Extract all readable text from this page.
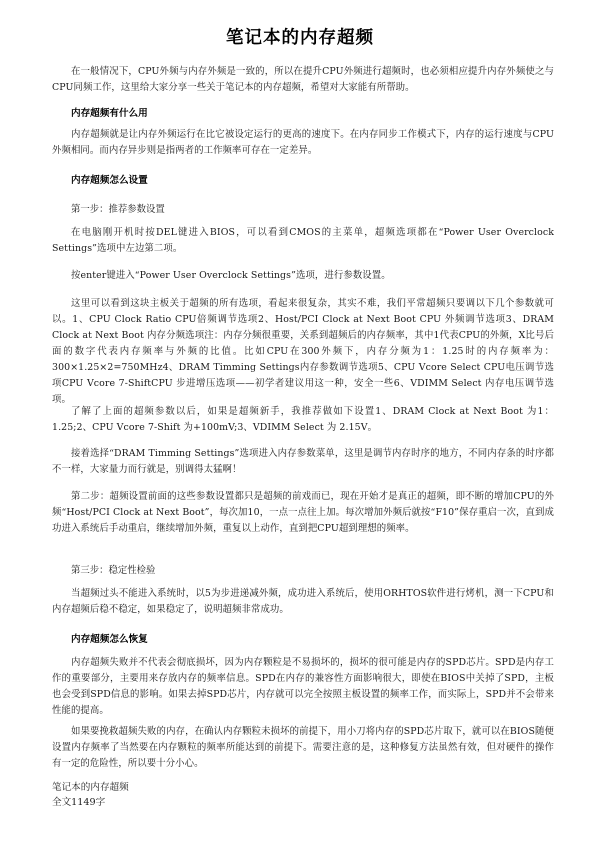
笔记本的内存超频

在一般情况下，CPU外频与内存外频是一致的，所以在提升CPU外频进行超频时，也必须相应提升内存外频使之与CPU同频工作，这里给大家分享一些关于笔记本的内存超频，希望对大家能有所帮助。

内存超频有什么用

内存超频就是让内存外频运行在比它被设定运行的更高的速度下。在内存同步工作模式下，内存的运行速度与CPU外频相同。而内存异步则是指两者的工作频率可存在一定差异。

内存超频怎么设置
第一步：推荐参数设置

在电脑刚开机时按DEL键进入BIOS，可以看到CMOS的主菜单，超频选项都在“Power User Overclock Settings”选项中左边第二项。

按enter键进入“Power User Overclock Settings”选项，进行参数设置。

这里可以看到这块主板关于超频的所有选项，看起来很复杂，其实不难，我们平常超频只要调以下几个参数就可以。1、CPU Clock Ratio CPU倍频调节选项2、Host/PCI Clock at Next Boot CPU 外频调节选项3、DRAM Clock at Next Boot 内存分频选项注：内存分频很重要，关系到超频后的内存频率，其中1代表CPU的外频，X比号后面的数字代表内存频率与外频的比值。比如CPU在300外频下，内存分频为1：1.25时的内存频率为：300×1.25×2=750MHz4、DRAM Timming Settings内存参数调节选项5、CPU Vcore Select CPU电压调节选项CPU Vcore 7-ShiftCPU 步进增压选项——初学者建议用这一种，安全一些6、VDIMM Select 内存电压调节选项。

了解了上面的超频参数以后，如果是超频新手，我推荐做如下设置1、DRAM Clock at Next Boot 为1：1.25;2、CPU Vcore 7-Shift 为+100mV;3、VDIMM Select 为 2.15V。

接着选择“DRAM Timming Settings”选项进入内存参数菜单，这里是调节内存时序的地方，不同内存条的时序都不一样，大家量力而行就是，别调得太猛啊！

第二步：超频设置前面的这些参数设置都只是超频的前戏而已，现在开始才是真正的超频，即不断的增加CPU的外频“Host/PCI Clock at Next Boot”，每次加10，一点一点往上加。每次增加外频后就按“F10”保存重启一次，直到成功进入系统后手动重启，继续增加外频，重复以上动作，直到把CPU超到理想的频率。

第三步：稳定性检验

当超频过头不能进入系统时，以5为步进递减外频，成功进入系统后，使用ORHTOS软件进行烤机，测一下CPU和内存超频后稳不稳定，如果稳定了，说明超频非常成功。

内存超频怎么恢复

内存超频失败并不代表会彻底损坏，因为内存颗粒是不易损坏的，损坏的很可能是内存的SPD芯片。SPD是内存工作的重要部分，主要用来存放内存的频率信息。SPD在内存的兼容性方面影响很大，即使在BIOS中关掉了SPD，主板也会受到SPD信息的影响。如果去掉SPD芯片，内存就可以完全按照主板设置的频率工作，而实际上，SPD并不会带来性能的提高。

如果要挽救超频失败的内存，在确认内存颗粒未损坏的前提下，用小刀将内存的SPD芯片取下，就可以在BIOS随便设置内存频率了当然要在内存颗粒的频率所能达到的前提下。需要注意的是，这种修复方法虽然有效，但对硬件的操作有一定的危险性，所以要十分小心。

笔记本的内存超频
全文1149字
